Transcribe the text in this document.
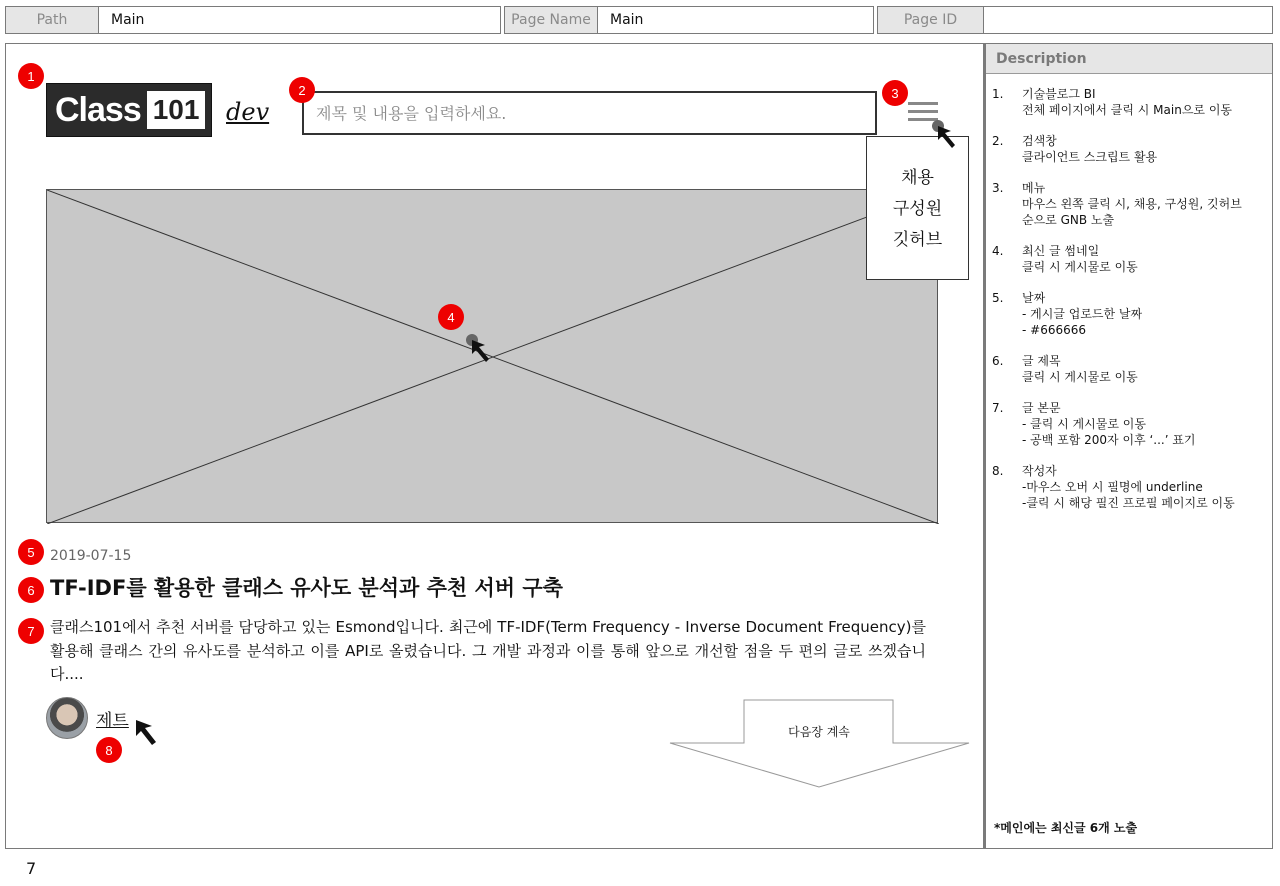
Path	Main	Page Name	Main	Page ID
Class 101 dev
제목 및 내용을 입력하세요.
채용
구성원
깃허브
2019-07-15
TF-IDF를 활용한 클래스 유사도 분석과 추천 서버 구축
클래스101에서 추천 서버를 담당하고 있는 Esmond입니다. 최근에 TF-IDF(Term Frequency - Inverse Document Frequency)를 활용해 클래스 간의 유사도를 분석하고 이를 API로 올렸습니다. 그 개발 과정과 이를 통해 앞으로 개선할 점을 두 편의 글로 쓰겠습니다....
제트
다음장 계속
1
2	3
4
5
6
7
8
Description
1.	기술블로그 BI
전체 페이지에서 클릭 시 Main으로 이동
2.	검색창
클라이언트 스크립트 활용
3.	메뉴
마우스 왼쪽 클릭 시, 채용, 구성원, 깃허브
순으로 GNB 노출
4.	최신 글 썸네일
클릭 시 게시물로 이동
5.	날짜
- 게시글 업로드한 날짜
- #666666
6.	글 제목
클릭 시 게시물로 이동
7.	글 본문
- 클릭 시 게시물로 이동
- 공백 포함 200자 이후 ‘...’ 표기
8.	작성자
-마우스 오버 시 필명에 underline
-클릭 시 해당 필진 프로필 페이지로 이동
*메인에는 최신글 6개 노출
7
